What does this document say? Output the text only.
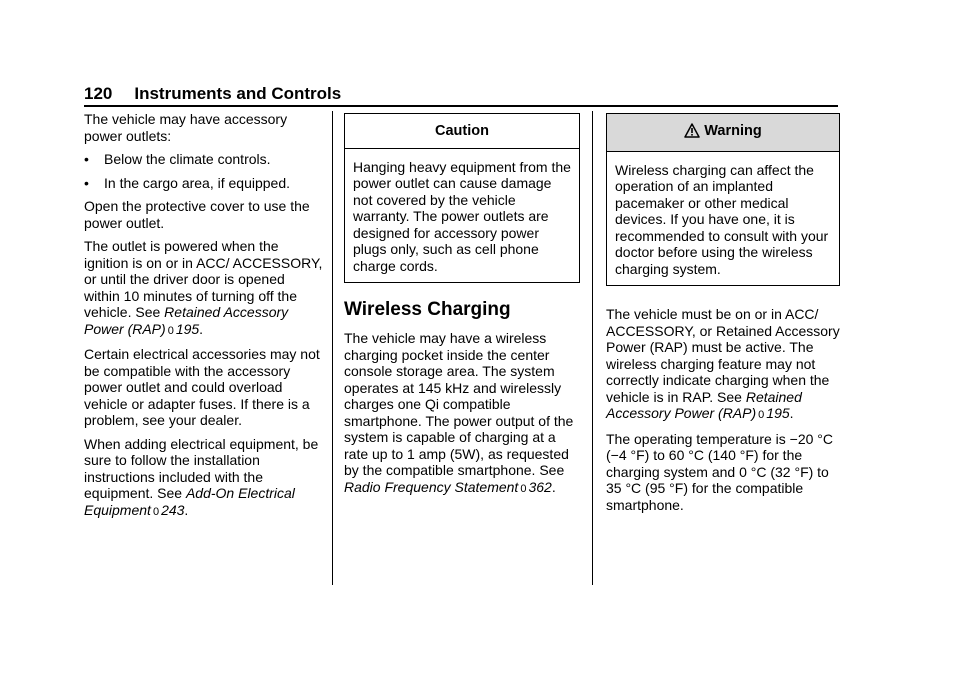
120 Instruments and Controls

The vehicle may have accessory power outlets:

•	Below the climate controls.
•	In the cargo area, if equipped.

Open the protective cover to use the power outlet.

The outlet is powered when the ignition is on or in ACC/ ACCESSORY, or until the driver door is opened within 10 minutes of turning off the vehicle. See Retained Accessory Power (RAP) 0 195.

Certain electrical accessories may not be compatible with the accessory power outlet and could overload vehicle or adapter fuses. If there is a problem, see your dealer.

When adding electrical equipment, be sure to follow the installation instructions included with the equipment. See Add-On Electrical Equipment 0 243.

Caution
Hanging heavy equipment from the power outlet can cause damage not covered by the vehicle warranty. The power outlets are designed for accessory power plugs only, such as cell phone charge cords.
Wireless Charging

The vehicle may have a wireless charging pocket inside the center console storage area. The system operates at 145 kHz and wirelessly charges one Qi compatible smartphone. The power output of the system is capable of charging at a rate up to 1 amp (5W), as requested by the compatible smartphone. See Radio Frequency Statement 0 362.

Warning
Wireless charging can affect the operation of an implanted pacemaker or other medical devices. If you have one, it is recommended to consult with your doctor before using the wireless charging system.

The vehicle must be on or in ACC/ ACCESSORY, or Retained Accessory Power (RAP) must be active. The wireless charging feature may not correctly indicate charging when the vehicle is in RAP. See Retained Accessory Power (RAP) 0 195.

The operating temperature is −20 °C (−4 °F) to 60 °C (140 °F) for the charging system and 0 °C (32 °F) to 35 °C (95 °F) for the compatible smartphone.
